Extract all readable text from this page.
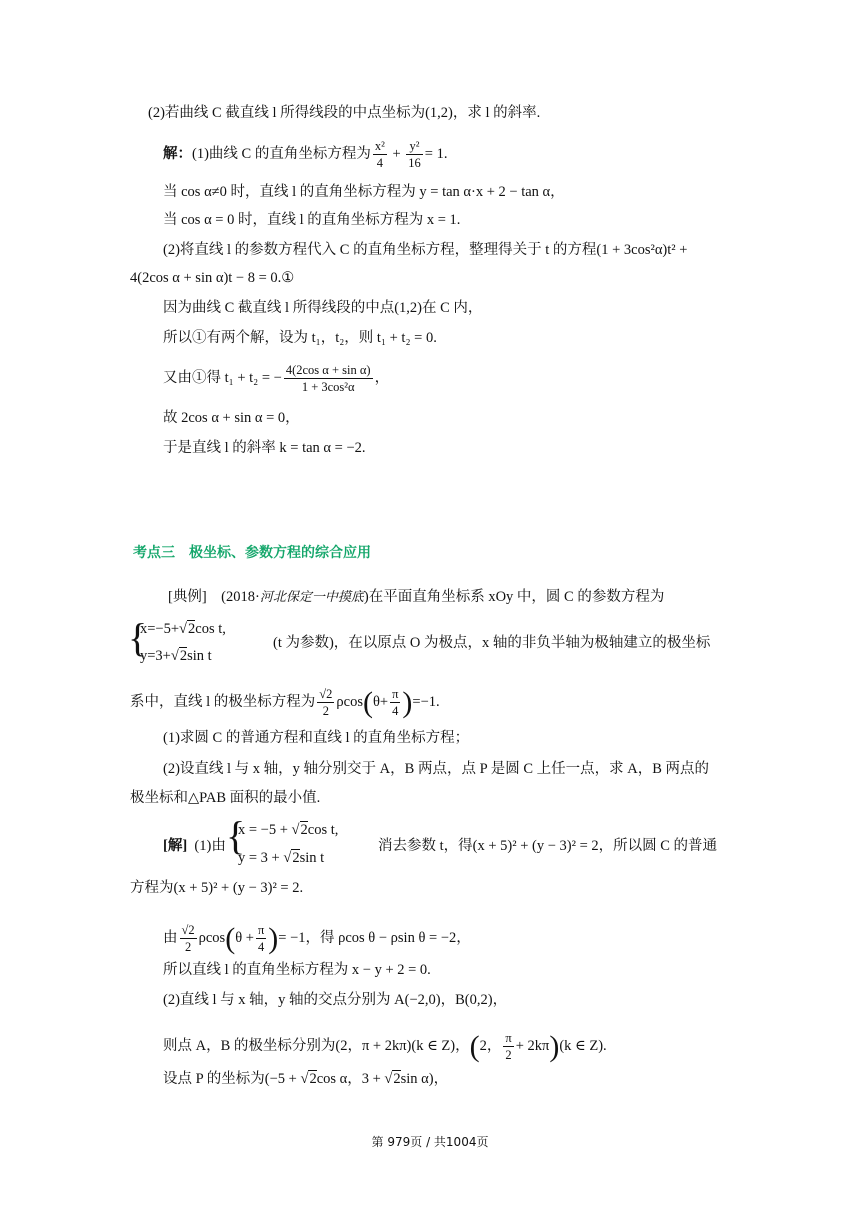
(2)若曲线 C 截直线 l 所得线段的中点坐标为(1,2)，求 l 的斜率.
解：(1)曲线 C 的直角坐标方程为 $\frac{\text{x²}}{4} + \frac{\text{y²}}{16} = 1$.
当 cos α≠0 时，直线 l 的直角坐标方程为 y = tan α·x + 2 − tan α，
当 cos α = 0 时，直线 l 的直角坐标方程为 x = 1.
(2)将直线 l 的参数方程代入 C 的直角坐标方程，整理得关于 t 的方程(1 + 3cos²α)t² +
4(2cos α + sin α)t − 8 = 0.①
因为曲线 C 截直线 l 所得线段的中点(1,2)在 C 内，
所以①有两个解，设为 t₁，t₂，则 t₁ + t₂ = 0.
又由①得 t₁ + t₂ = − $\frac{\text{4(2cos α + sin α)}}{\text{1 + 3cos²α}}$ ，
故 2cos α + sin α = 0，
于是直线 l 的斜率 k = tan α = −2.
考点三　极坐标、参数方程的综合应用
[典例] (2018·河北保定一中摸底)在平面直角坐标系 xOy 中，圆 C 的参数方程为
{
x=−5+√2cos t,
y=3+√2sin t
(t 为参数)，在以原点 O 为极点，x 轴的非负半轴为极轴建立的极坐标
系中，直线 l 的极坐标方程为 $\frac{√2}{2} \rho\cos(\theta+ \frac{\pi}{4} )=-1$.
(1)求圆 C 的普通方程和直线 l 的直角坐标方程；
(2)设直线 l 与 x 轴，y 轴分别交于 A，B 两点，点 P 是圆 C 上任一点，求 A，B 两点的
极坐标和△PAB 面积的最小值.
[解] (1)由 {
x = −5 + √2cos t,
y = 3 + √2sin t
消去参数 t，得(x + 5)² + (y − 3)² = 2，所以圆 C 的普通
方程为(x + 5)² + (y − 3)² = 2.
由 $\frac{√2}{2} \rho\cos(\theta + \frac{\pi}{4}$ )= −1，得 ρcos θ − ρsin θ = −2，
所以直线 l 的直角坐标方程为 x − y + 2 = 0.
(2)直线 l 与 x 轴，y 轴的交点分别为 A(−2,0)，B(0,2)，
则点 A，B 的极坐标分别为(2，π + 2kπ)(k ∈ Z)，(2， $\frac{\pi}{2} + 2k\pi)(k$ ∈ Z).
设点 P 的坐标为(−5 + √2cos α，3 + √2sin α)，
第 979页 / 共1004页
